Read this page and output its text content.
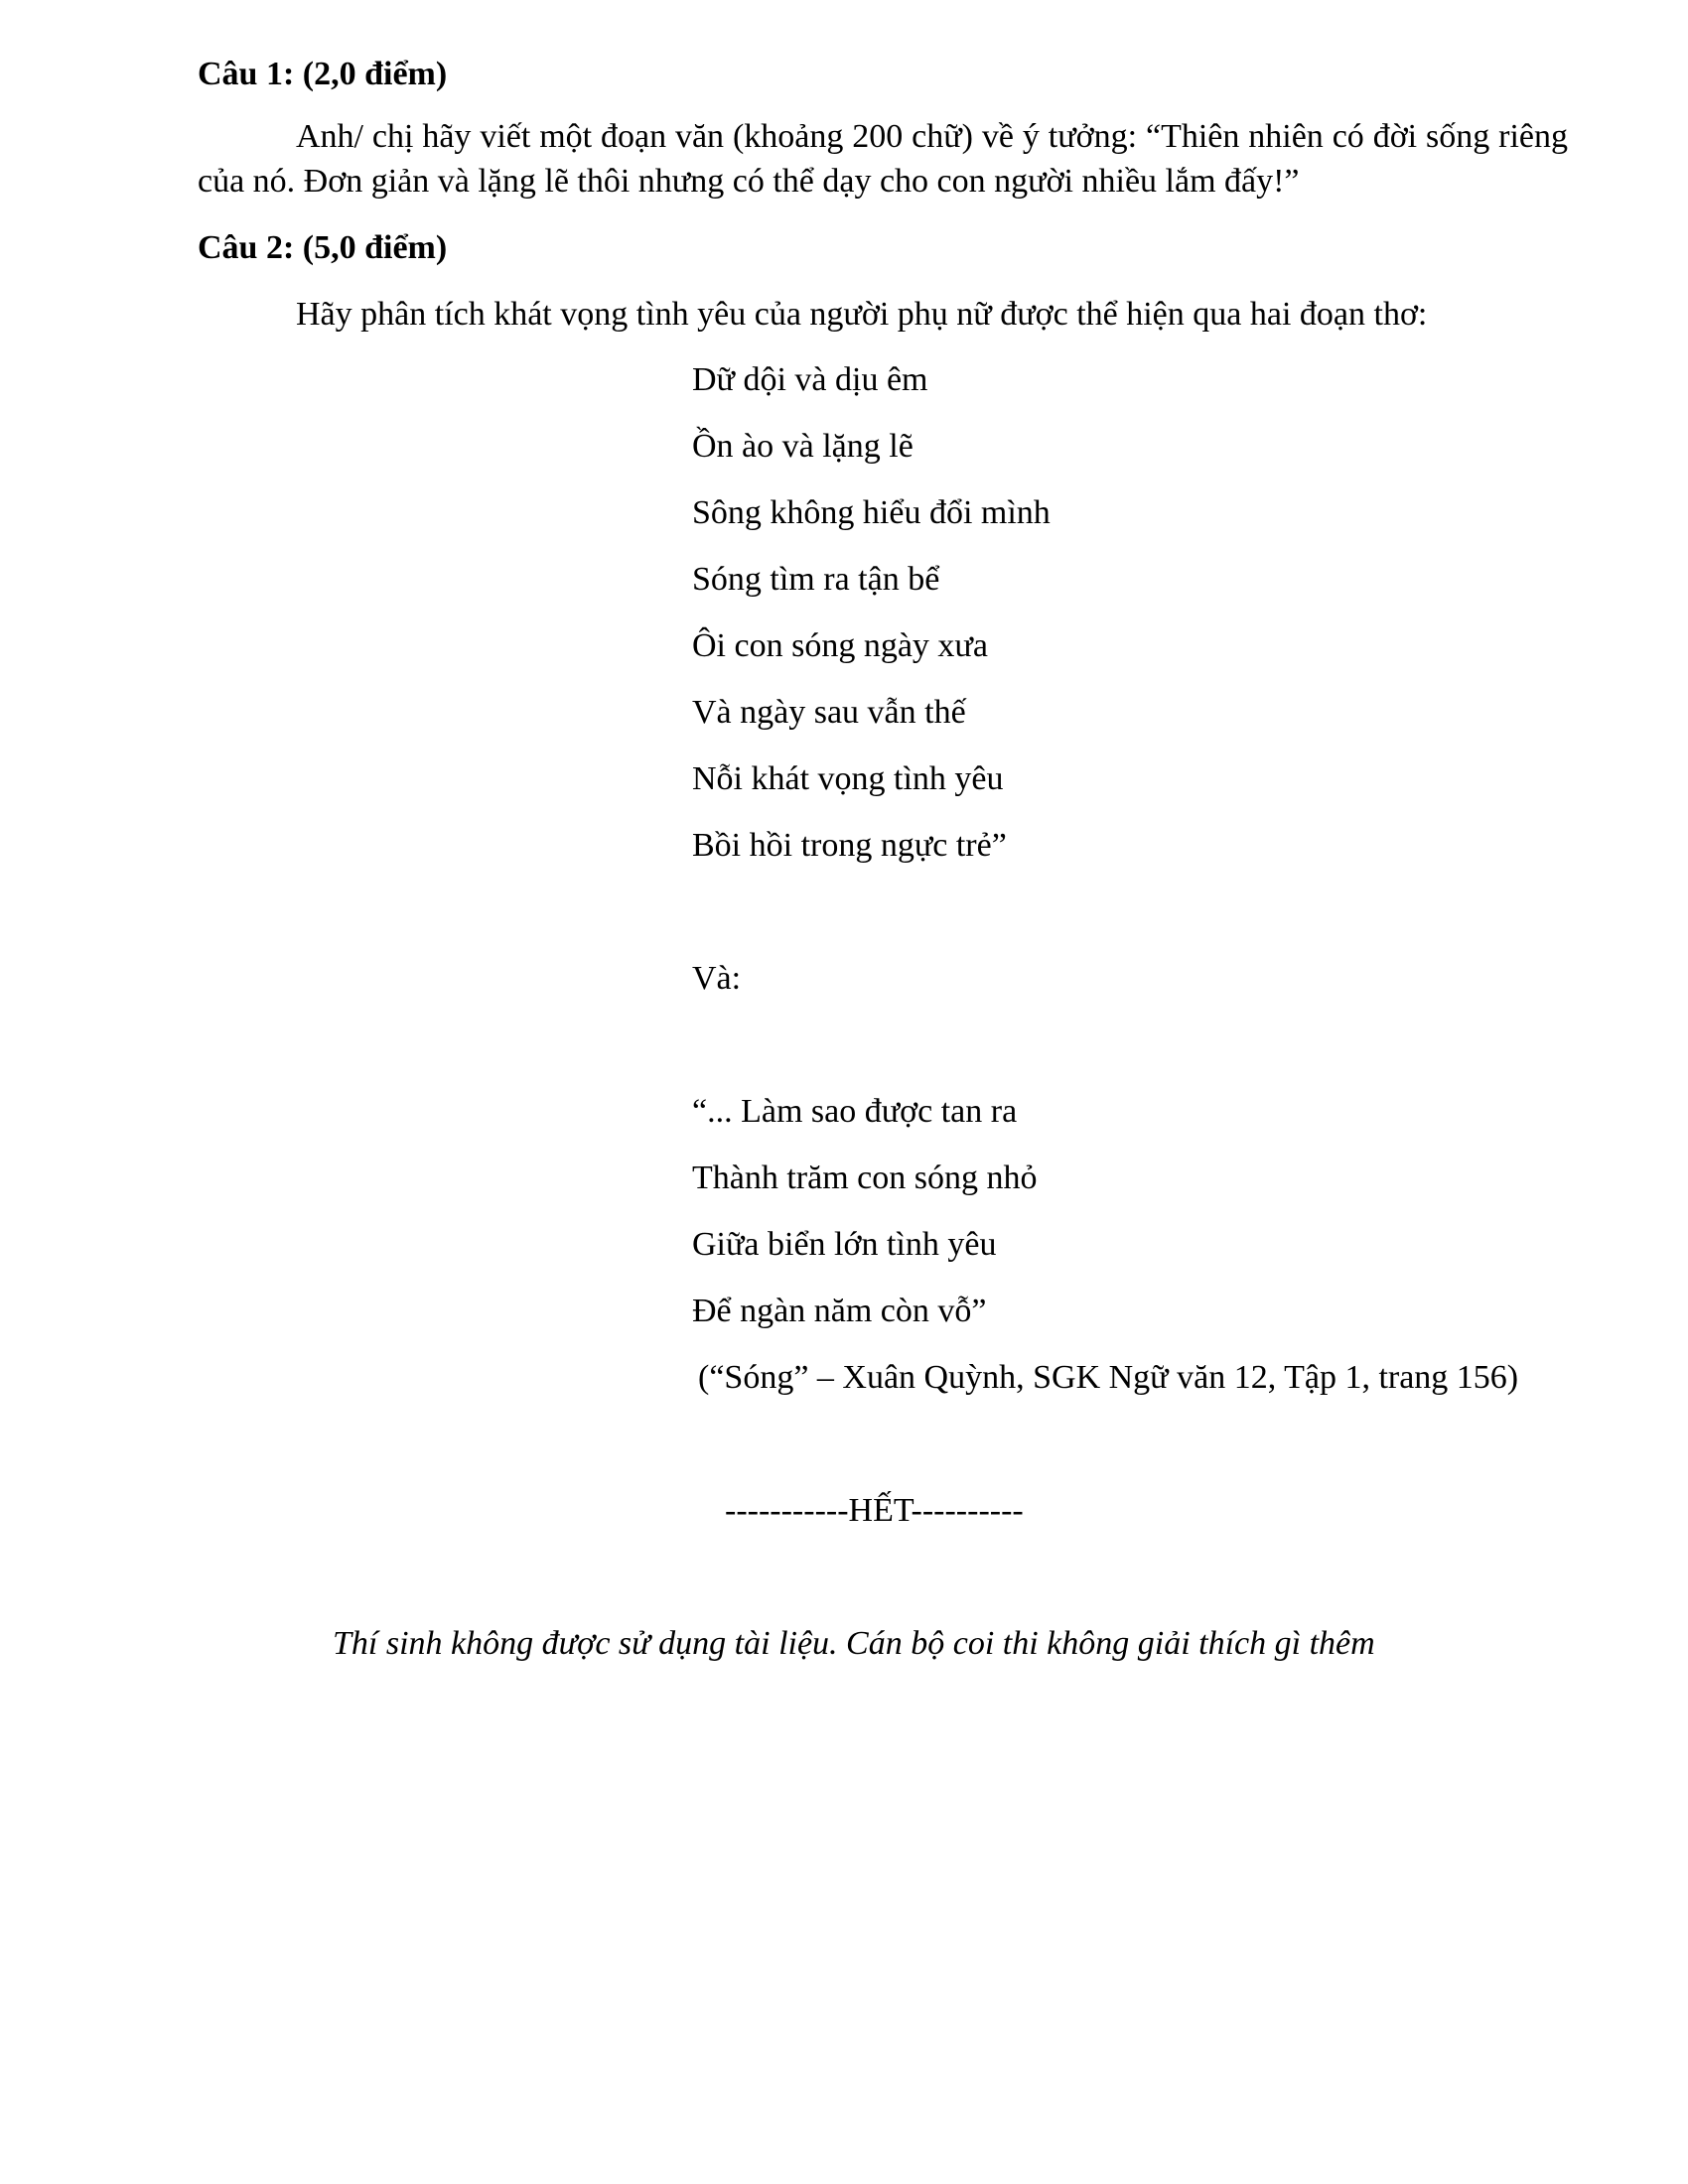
Câu 1: (2,0 điểm)
Anh/ chị hãy viết một đoạn văn (khoảng 200 chữ) về ý tưởng: “Thiên nhiên có đời sống riêng của nó. Đơn giản và lặng lẽ thôi nhưng có thể dạy cho con người nhiều lắm đấy!”
Câu 2: (5,0 điểm)
Hãy phân tích khát vọng tình yêu của người phụ nữ được thể hiện qua hai đoạn thơ:
Dữ dội và dịu êm
Ồn ào và lặng lẽ
Sông không hiểu đổi mình
Sóng tìm ra tận bể
Ôi con sóng ngày xưa
Và ngày sau vẫn thế
Nỗi khát vọng tình yêu
Bồi hồi trong ngực trẻ”
Và:
“... Làm sao được tan ra
Thành trăm con sóng nhỏ
Giữa biển lớn tình yêu
Để ngàn năm còn vỗ”
(“Sóng” – Xuân Quỳnh, SGK Ngữ văn 12, Tập 1, trang 156)
-----------HẾT----------
Thí sinh không được sử dụng tài liệu. Cán bộ coi thi không giải thích gì thêm
